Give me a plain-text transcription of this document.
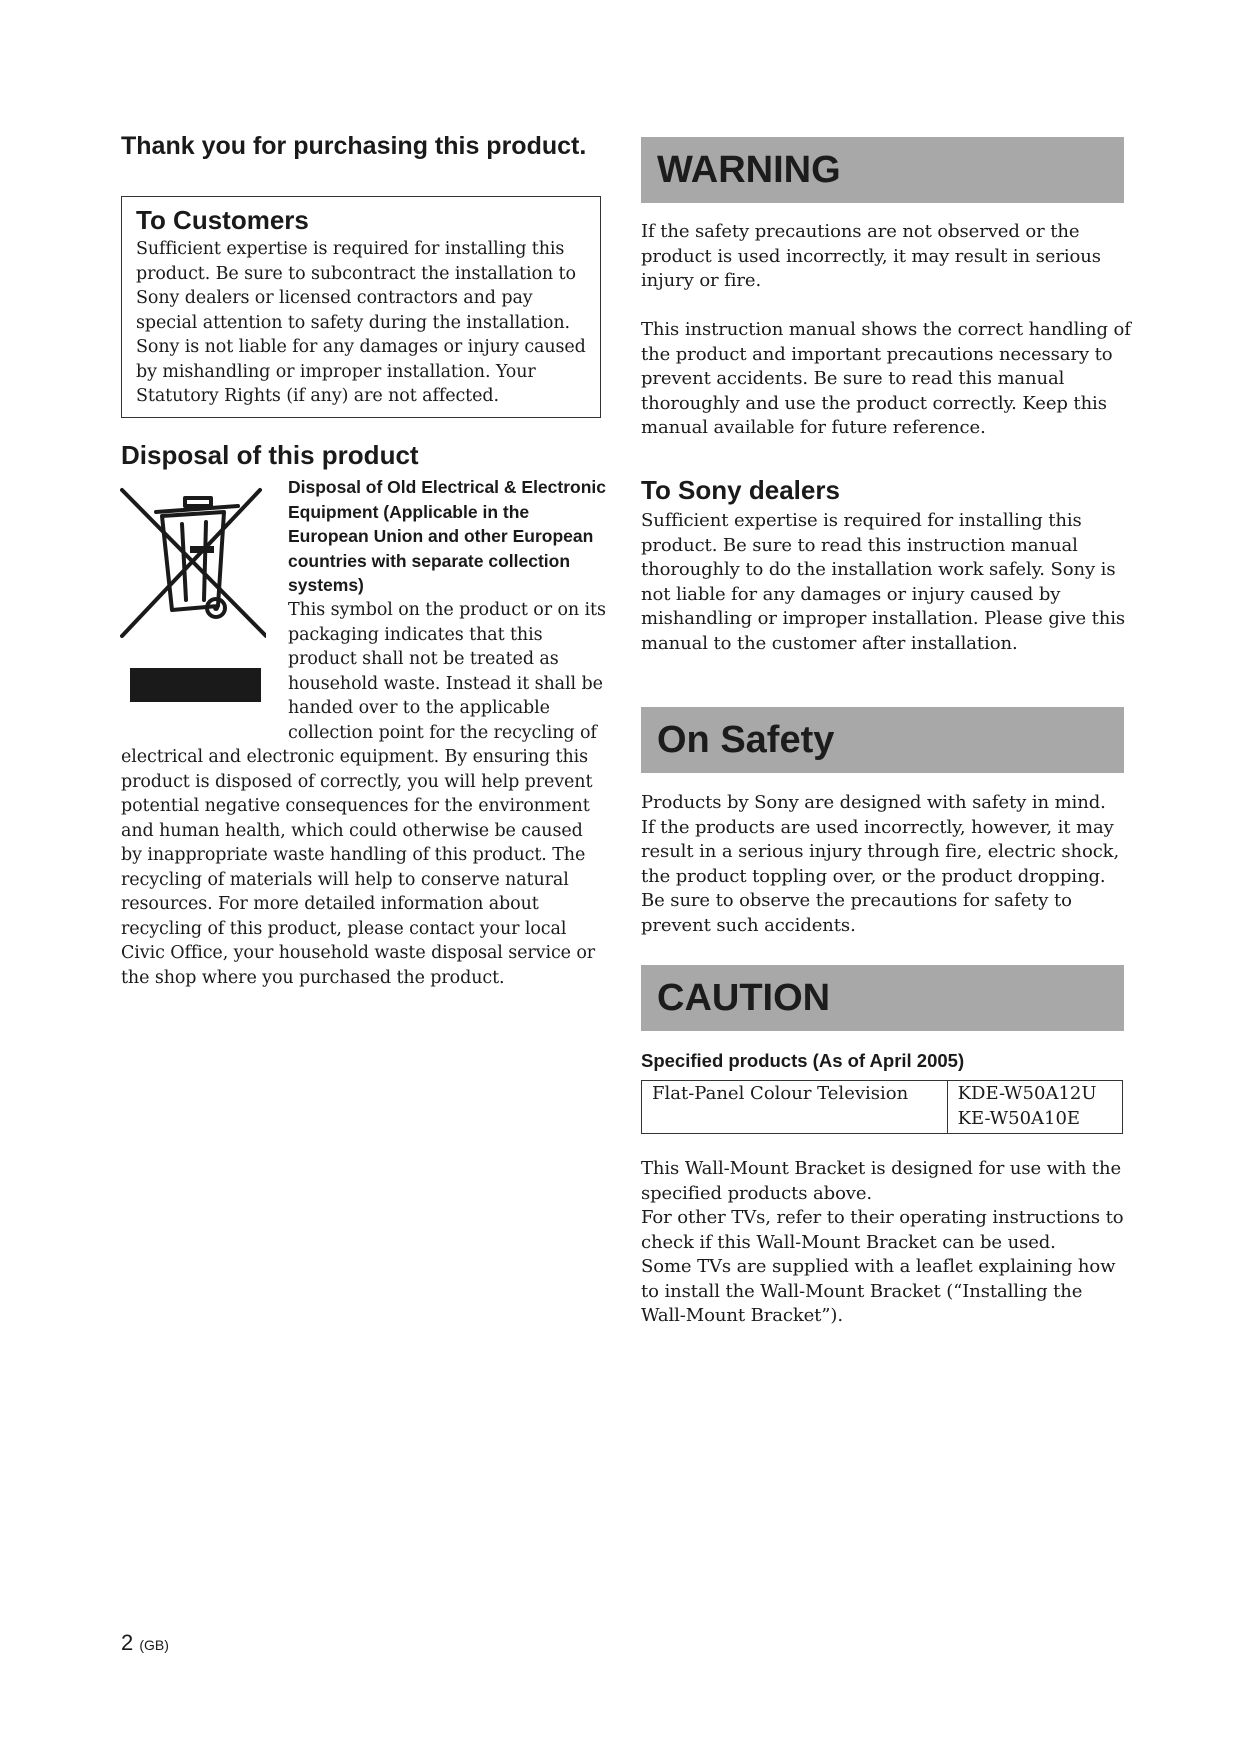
Thank you for purchasing this product.
To Customers

Sufficient expertise is required for installing this product. Be sure to subcontract the installation to Sony dealers or licensed contractors and pay special attention to safety during the installation. Sony is not liable for any damages or injury caused by mishandling or improper installation. Your Statutory Rights (if any) are not affected.

Disposal of this product
Disposal of Old Electrical & Electronic Equipment (Applicable in the European Union and other European countries with separate collection systems)

This symbol on the product or on its packaging indicates that this product shall not be treated as household waste. Instead it shall be handed over to the applicable collection point for the recycling of

electrical and electronic equipment. By ensuring this product is disposed of correctly, you will help prevent potential negative consequences for the environment and human health, which could otherwise be caused by inappropriate waste handling of this product. The recycling of materials will help to conserve natural resources. For more detailed information about recycling of this product, please contact your local Civic Office, your household waste disposal service or the shop where you purchased the product.

WARNING

If the safety precautions are not observed or the product is used incorrectly, it may result in serious injury or fire.

This instruction manual shows the correct handling of the product and important precautions necessary to prevent accidents. Be sure to read this manual thoroughly and use the product correctly. Keep this manual available for future reference.

To Sony dealers

Sufficient expertise is required for installing this product. Be sure to read this instruction manual thoroughly to do the installation work safely. Sony is not liable for any damages or injury caused by mishandling or improper installation. Please give this manual to the customer after installation.

On Safety

Products by Sony are designed with safety in mind.

If the products are used incorrectly, however, it may result in a serious injury through fire, electric shock, the product toppling over, or the product dropping. Be sure to observe the precautions for safety to prevent such accidents.

CAUTION
Specified products (As of April 2005)
Flat-Panel Colour Television	KDE-W50A12U
KE-W50A10E

This Wall-Mount Bracket is designed for use with the specified products above.

For other TVs, refer to their operating instructions to check if this Wall-Mount Bracket can be used.

Some TVs are supplied with a leaflet explaining how to install the Wall-Mount Bracket (“Installing the Wall-Mount Bracket”).

2 (GB)
